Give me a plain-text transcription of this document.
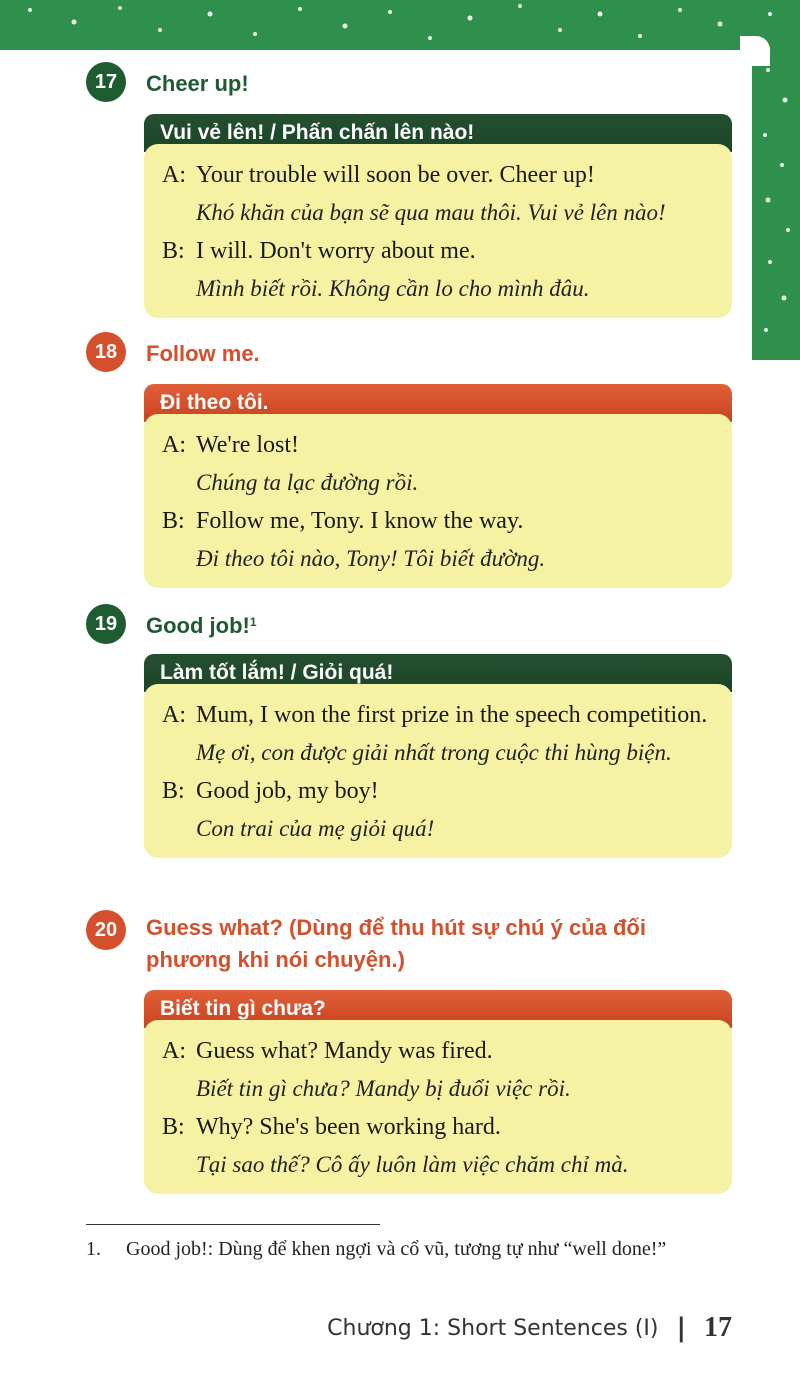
17	Cheer up!
Vui vẻ lên! / Phấn chấn lên nào!
A: Your trouble will soon be over. Cheer up!
Khó khăn của bạn sẽ qua mau thôi. Vui vẻ lên nào!
B: I will. Don't worry about me.
Mình biết rồi. Không cần lo cho mình đâu.
18	Follow me.
Đi theo tôi.
A: We're lost!
Chúng ta lạc đường rồi.
B: Follow me, Tony. I know the way.
Đi theo tôi nào, Tony! Tôi biết đường.
19	Good job!$^1$
Làm tốt lắm! / Giỏi quá!
A: Mum, I won the first prize in the speech competition.
Mẹ ơi, con được giải nhất trong cuộc thi hùng biện.
B: Good job, my boy!
Con trai của mẹ giỏi quá!
20	Guess what? (Dùng để thu hút sự chú ý của đối phương khi nói chuyện.)
Biết tin gì chưa?
A: Guess what? Mandy was fired.
Biết tin gì chưa? Mandy bị đuổi việc rồi.
B: Why? She's been working hard.
Tại sao thế? Cô ấy luôn làm việc chăm chỉ mà.
1.	Good job!: Dùng để khen ngợi và cổ vũ, tương tự như “well done!”
Chương 1: Short Sentences (I) | 17
